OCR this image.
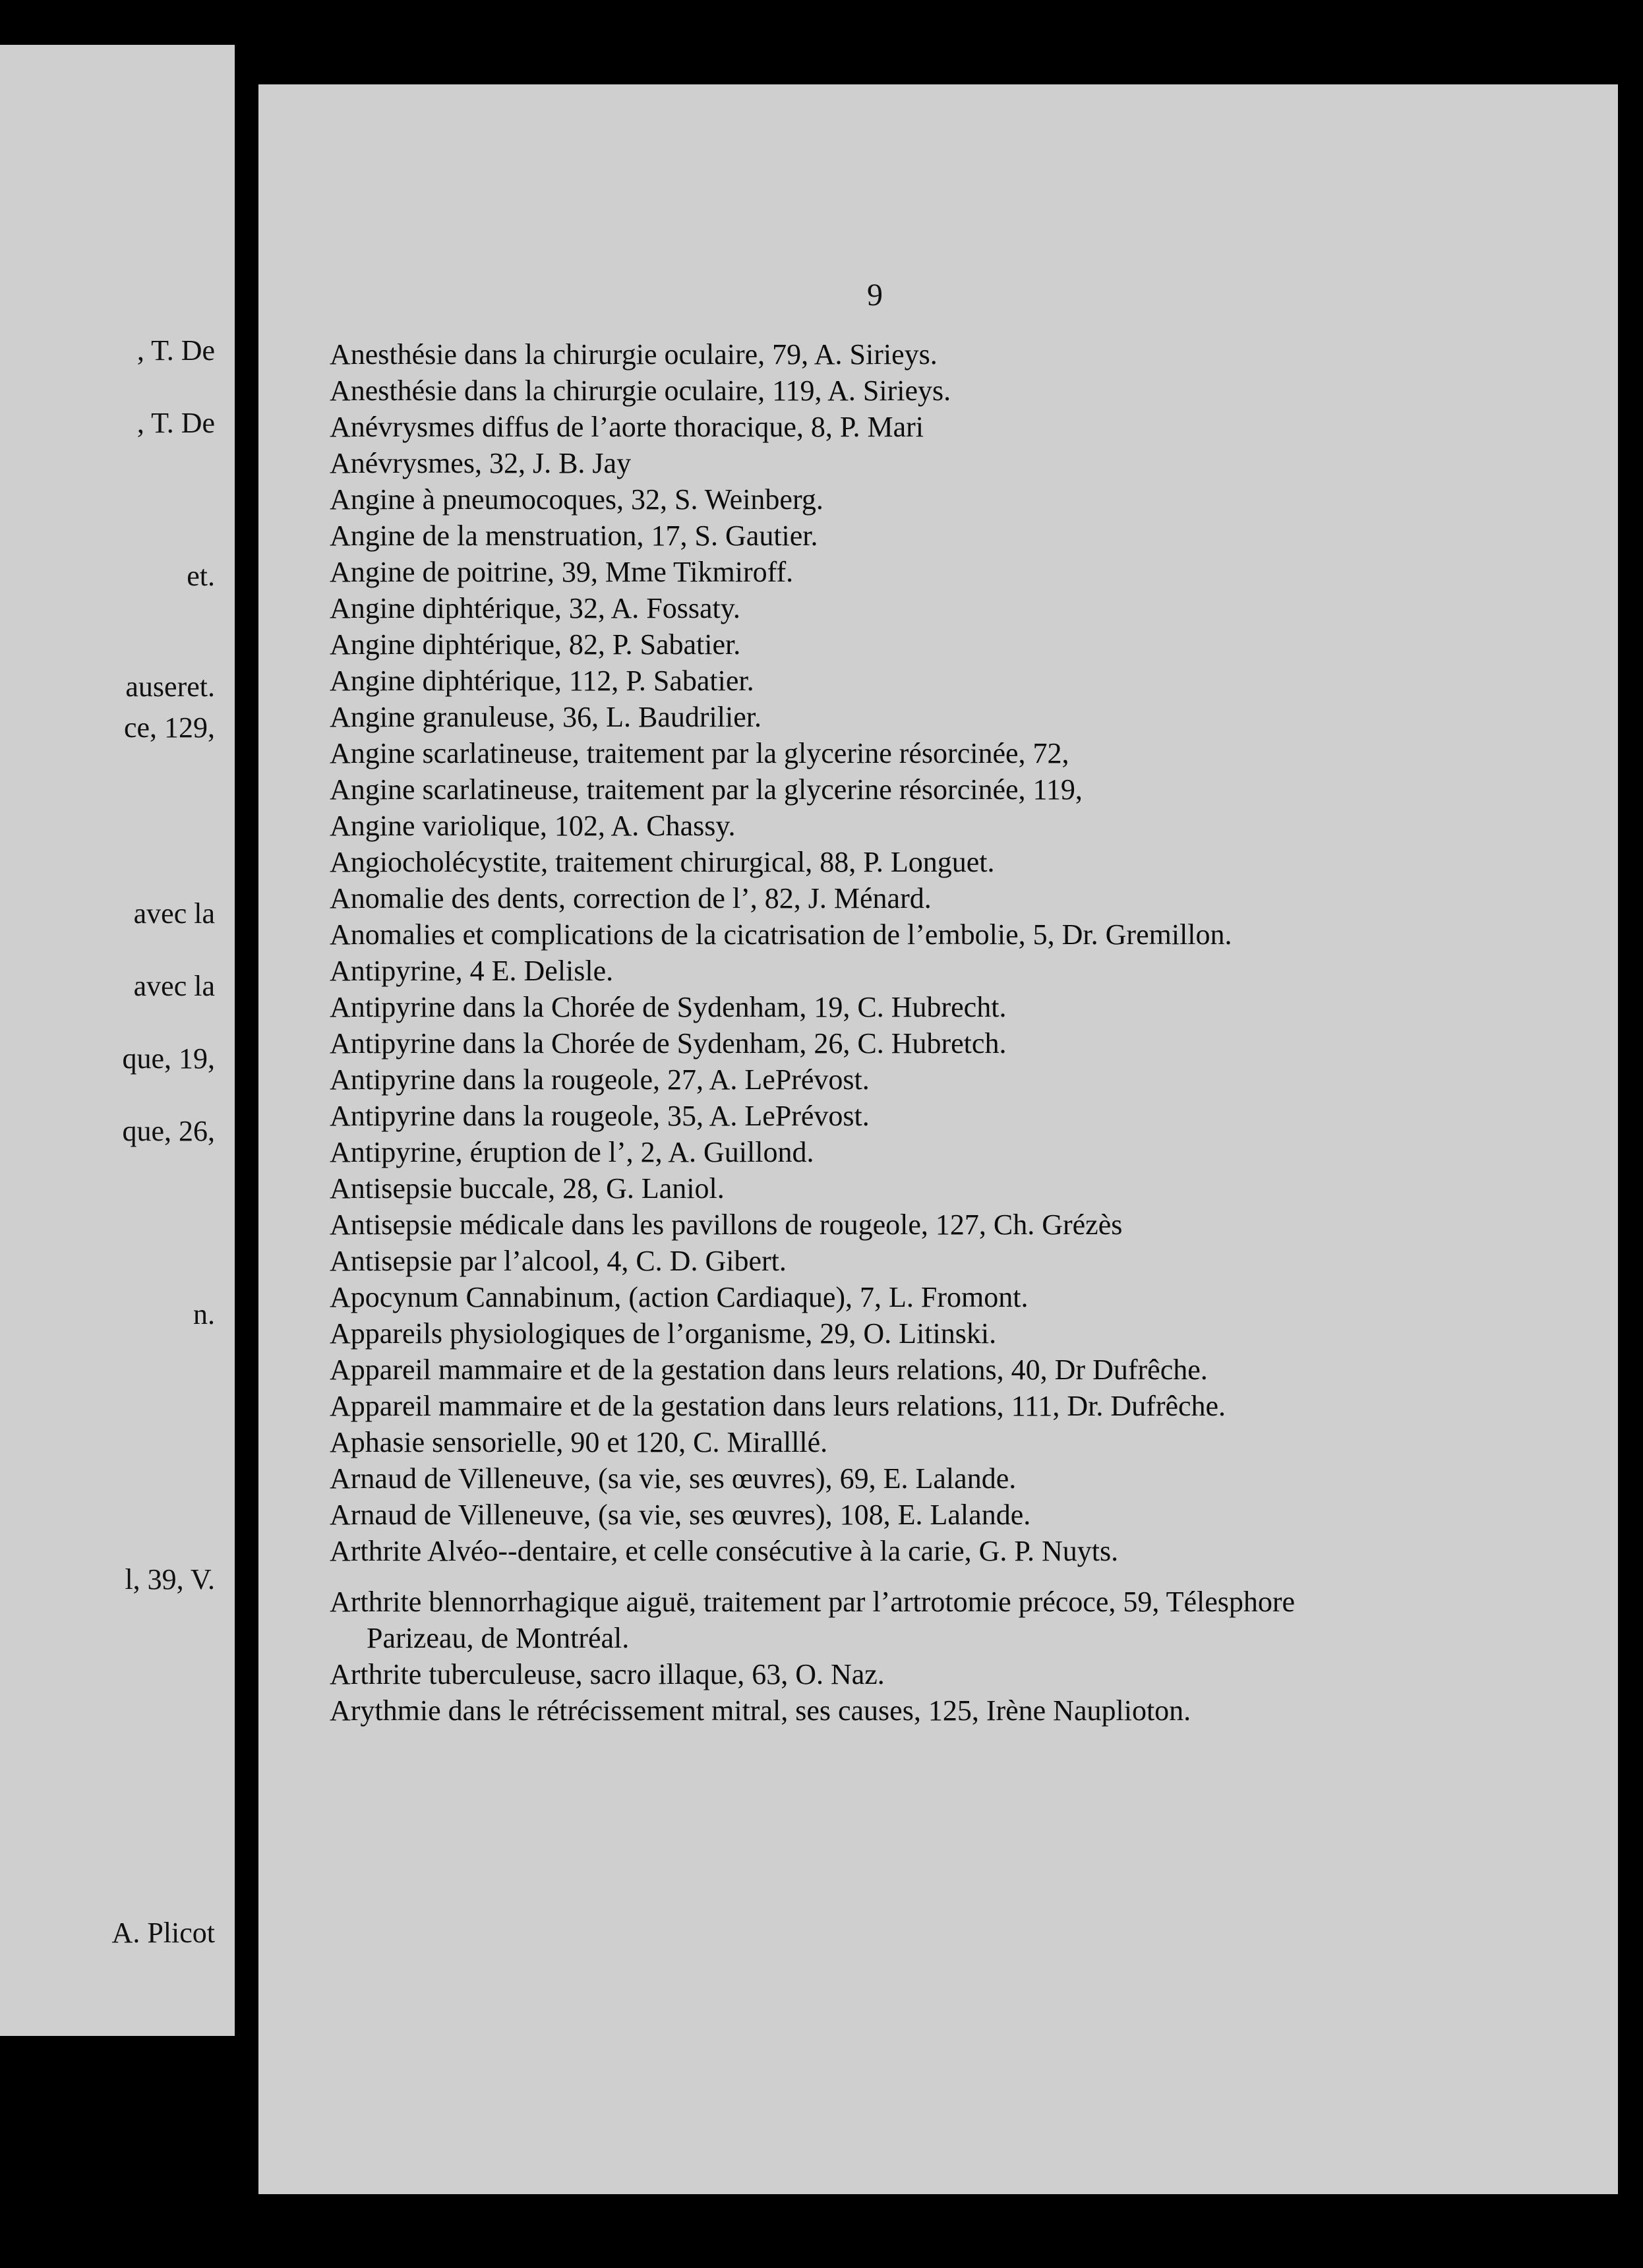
, T. De
, T. De
et.
auseret.
ce, 129,
avec la
avec la
que, 19,
que, 26,
n.
l, 39, V.
A. Plicot
9
Anesthésie dans la chirurgie oculaire, 79, A. Sirieys.
Anesthésie dans la chirurgie oculaire, 119, A. Sirieys.
Anévrysmes diffus de l’aorte thoracique, 8, P. Mari
Anévrysmes, 32, J. B. Jay
Angine à pneumocoques, 32, S. Weinberg.
Angine de la menstruation, 17, S. Gautier.
Angine de poitrine, 39, Mme Tikmiroff.
Angine diphtérique, 32, A. Fossaty.
Angine diphtérique, 82, P. Sabatier.
Angine diphtérique, 112, P. Sabatier.
Angine granuleuse, 36, L. Baudrilier.
Angine scarlatineuse, traitement par la glycerine résorcinée, 72,
Angine scarlatineuse, traitement par la glycerine résorcinée, 119,
Angine variolique, 102, A. Chassy.
Angiocholécystite, traitement chirurgical, 88, P. Longuet.
Anomalie des dents, correction de l’, 82, J. Ménard.
Anomalies et complications de la cicatrisation de l’embolie, 5, Dr. Gremillon.
Antipyrine, 4 E. Delisle.
Antipyrine dans la Chorée de Sydenham, 19, C. Hubrecht.
Antipyrine dans la Chorée de Sydenham, 26, C. Hubretch.
Antipyrine dans la rougeole, 27, A. LePrévost.
Antipyrine dans la rougeole, 35, A. LePrévost.
Antipyrine, éruption de l’, 2, A. Guillond.
Antisepsie buccale, 28, G. Laniol.
Antisepsie médicale dans les pavillons de rougeole, 127, Ch. Grézès
Antisepsie par l’alcool, 4, C. D. Gibert.
Apocynum Cannabinum, (action Cardiaque), 7, L. Fromont.
Appareils physiologiques de l’organisme, 29, O. Litinski.
Appareil mammaire et de la gestation dans leurs relations, 40, Dr Dufrêche.
Appareil mammaire et de la gestation dans leurs relations, 111, Dr. Dufrêche.
Aphasie sensorielle, 90 et 120, C. Miralllé.
Arnaud de Villeneuve, (sa vie, ses œuvres), 69, E. Lalande.
Arnaud de Villeneuve, (sa vie, ses œuvres), 108, E. Lalande.
Arthrite Alvéo--dentaire, et celle consécutive à la carie, G. P. Nuyts.
Arthrite blennorrhagique aiguë, traitement par l’artrotomie précoce, 59, Télesphore Parizeau, de Montréal.
Arthrite tuberculeuse, sacro illaque, 63, O. Naz.
Arythmie dans le rétrécissement mitral, ses causes, 125, Irène Nauplioton.
